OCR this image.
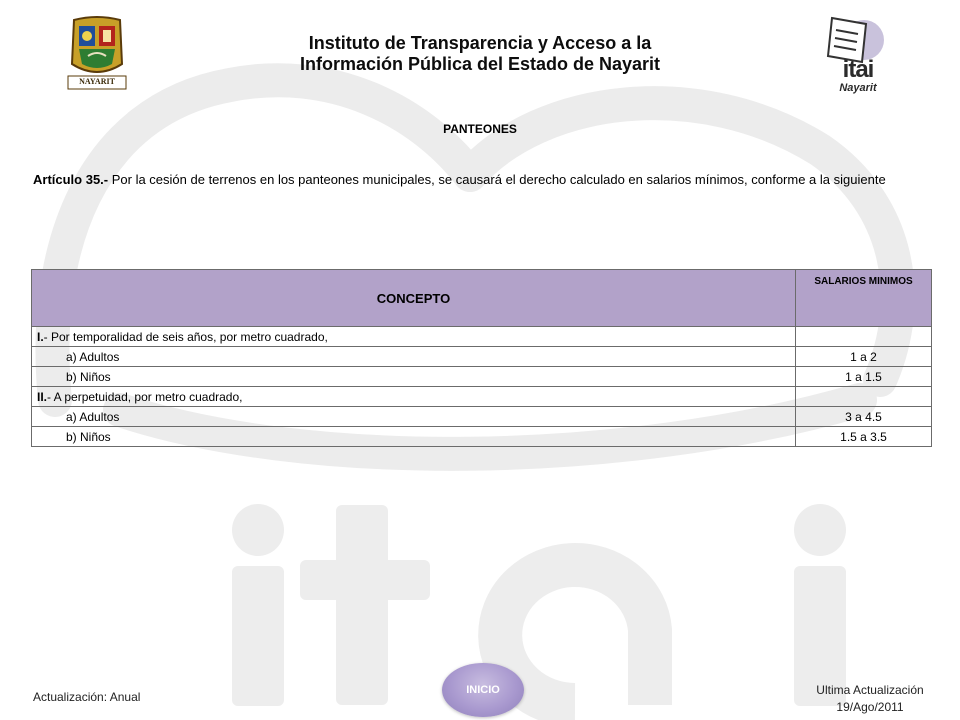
NAYARIT	itai
Nayarit
Instituto de Transparencia y Acceso a la
Información Pública del Estado de Nayarit
PANTEONES
Artículo 35.- Por la cesión de terrenos en los panteones municipales, se causará el derecho calculado en salarios mínimos, conforme a la siguiente
CONCEPTO	SALARIOS MINIMOS
I.- Por temporalidad de seis años, por metro cuadrado,	
a) Adultos	1 a 2
b) Niños	1 a 1.5
II.- A perpetuidad, por metro cuadrado,	
a) Adultos	3 a 4.5
b) Niños	1.5 a 3.5
INICIO
Actualización: Anual	Ultima Actualización
19/Ago/2011
